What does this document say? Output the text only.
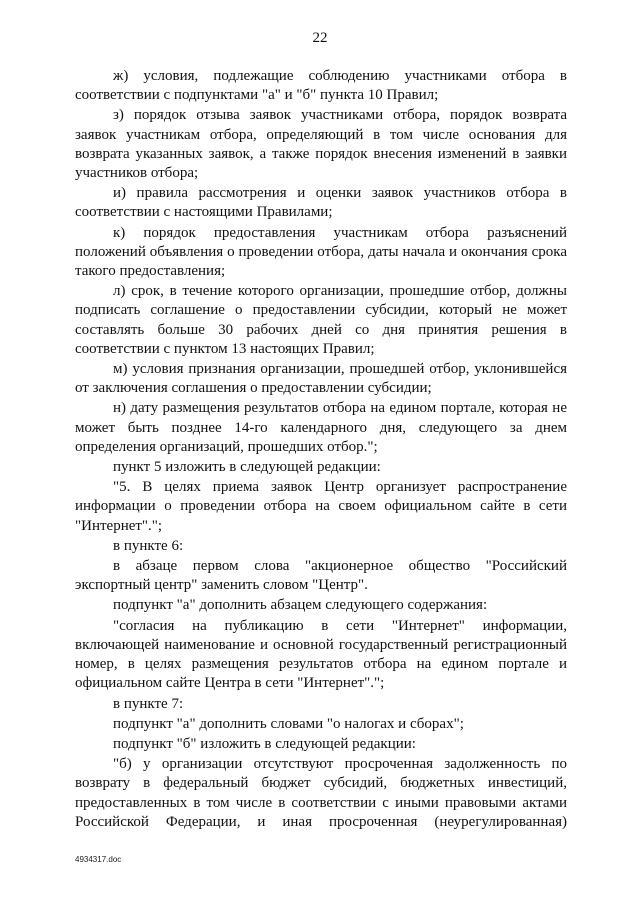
22

ж) условия, подлежащие соблюдению участниками отбора в соответствии с подпунктами "а" и "б" пункта 10 Правил;

з) порядок отзыва заявок участниками отбора, порядок возврата заявок участникам отбора, определяющий в том числе основания для возврата указанных заявок, а также порядок внесения изменений в заявки участников отбора;

и) правила рассмотрения и оценки заявок участников отбора в соответствии с настоящими Правилами;

к) порядок предоставления участникам отбора разъяснений положений объявления о проведении отбора, даты начала и окончания срока такого предоставления;

л) срок, в течение которого организации, прошедшие отбор, должны подписать соглашение о предоставлении субсидии, который не может составлять больше 30 рабочих дней со дня принятия решения в соответствии с пунктом 13 настоящих Правил;

м) условия признания организации, прошедшей отбор, уклонившейся от заключения соглашения о предоставлении субсидии;

н) дату размещения результатов отбора на едином портале, которая не может быть позднее 14-го календарного дня, следующего за днем определения организаций, прошедших отбор.";

пункт 5 изложить в следующей редакции:

"5. В целях приема заявок Центр организует распространение информации о проведении отбора на своем официальном сайте в сети "Интернет".";

в пункте 6:

в абзаце первом слова "акционерное общество "Российский экспортный центр" заменить словом "Центр".

подпункт "а" дополнить абзацем следующего содержания:

"согласия на публикацию в сети "Интернет" информации, включающей наименование и основной государственный регистрационный номер, в целях размещения результатов отбора на едином портале и официальном сайте Центра в сети "Интернет".";

в пункте 7:

подпункт "а" дополнить словами "о налогах и сборах";

подпункт "б" изложить в следующей редакции:

"б) у организации отсутствуют просроченная задолженность по возврату в федеральный бюджет субсидий, бюджетных инвестиций, предоставленных в том числе в соответствии с иными правовыми актами Российской Федерации, и иная просроченная (неурегулированная)

4934317.doc
